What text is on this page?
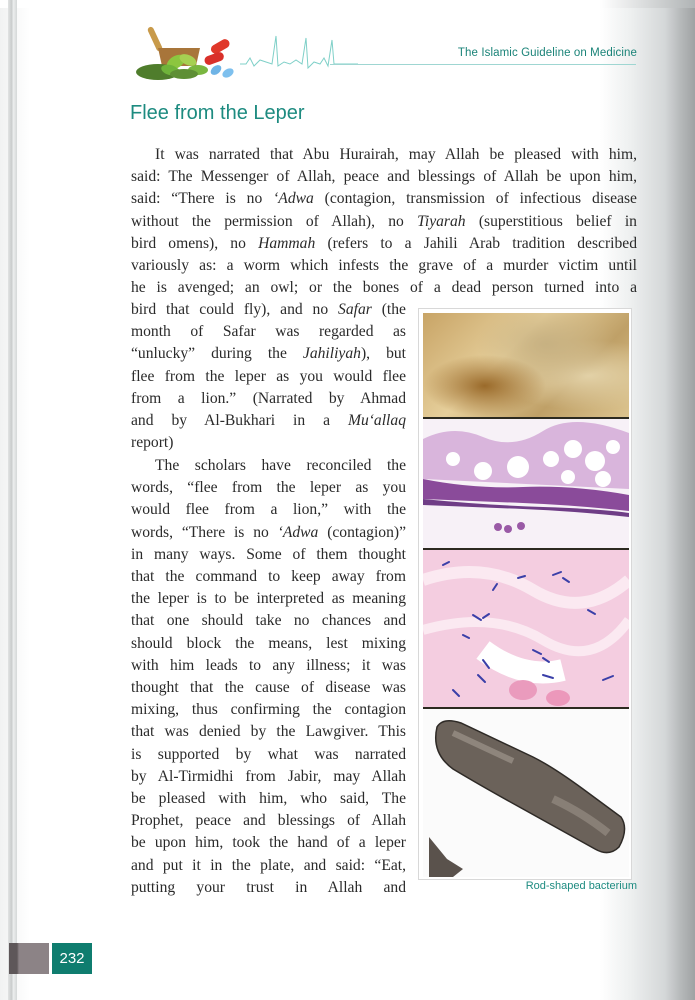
The Islamic Guideline on Medicine
Flee from the Leper
It was narrated that Abu Hurairah, may Allah be pleased with him,
said: The Messenger of Allah, peace and blessings of Allah be upon him,
said: “There is no ‘Adwa (contagion, transmission of infectious disease
without the permission of Allah), no Tiyarah (superstitious belief in
bird omens), no Hammah (refers to a Jahili Arab tradition described
variously as: a worm which infests the grave of a murder victim until
he is avenged; an owl; or the bones of a dead person turned into a
bird that could fly), and no Safar (the
month of Safar was regarded as
“unlucky” during the Jahiliyah), but
flee from the leper as you would flee
from a lion.” (Narrated by Ahmad
and by Al-Bukhari in a Mu‘allaq
report)
The scholars have reconciled the
words, “flee from the leper as you
would flee from a lion,” with the
words, “There is no ‘Adwa (contagion)”
in many ways. Some of them thought
that the command to keep away from
the leper is to be interpreted as meaning
that one should take no chances and
should block the means, lest mixing
with him leads to any illness; it was
thought that the cause of disease was
mixing, thus confirming the contagion
that was denied by the Lawgiver. This
is supported by what was narrated
by Al-Tirmidhi from Jabir, may Allah
be pleased with him, who said, The
Prophet, peace and blessings of Allah
be upon him, took the hand of a leper
and put it in the plate, and said: “Eat,
putting your trust in Allah and	Rod-shaped bacterium
232
